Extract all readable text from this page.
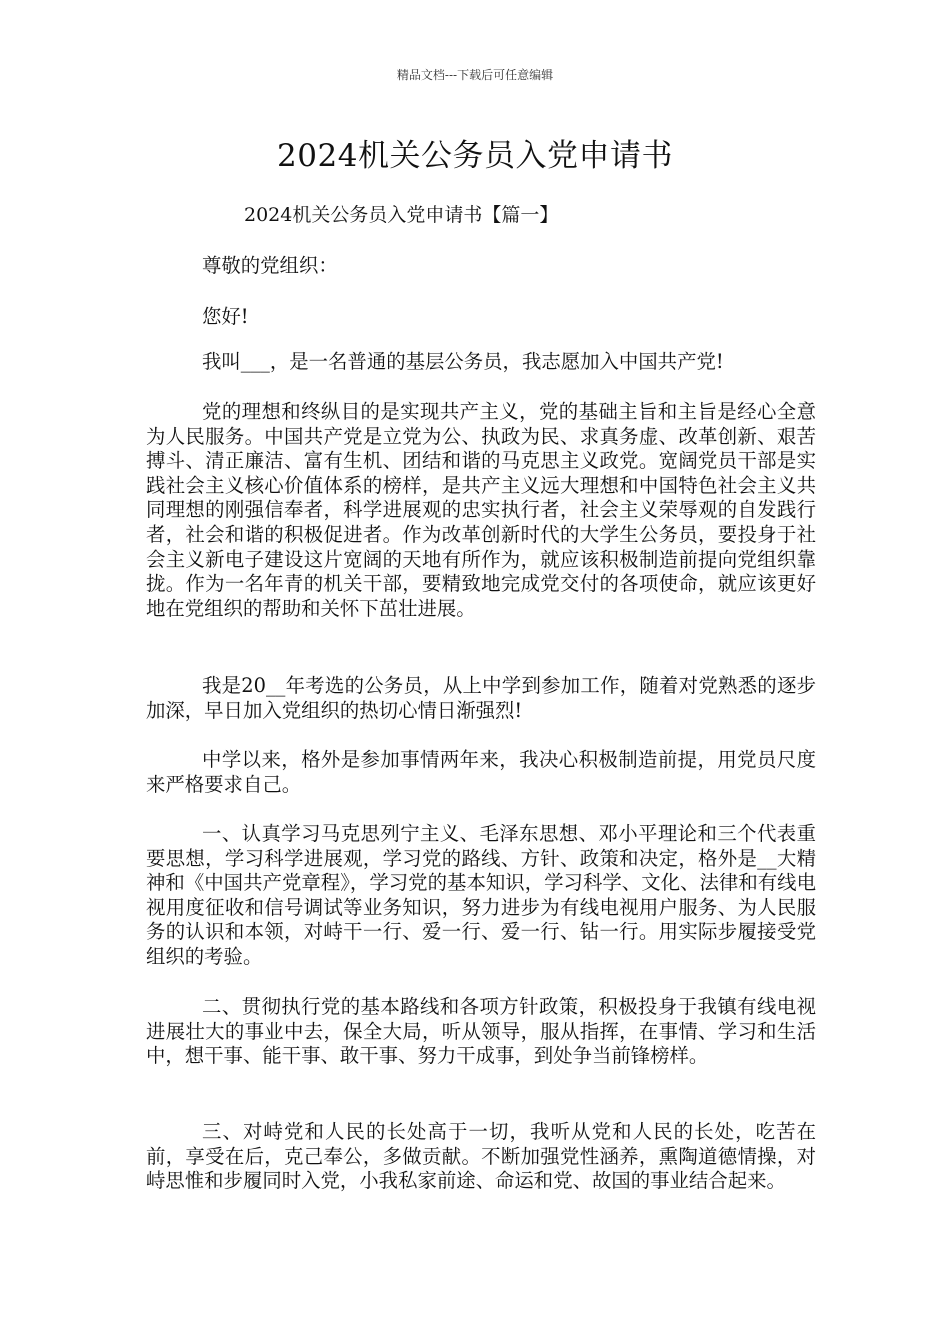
精品文档---下载后可任意编辑
2024机关公务员入党申请书
2024机关公务员入党申请书【篇一】
尊敬的党组织：
您好!

我叫___，是一名普通的基层公务员，我志愿加入中国共产党!

党的理想和终纵目的是实现共产主义，党的基础主旨和主旨是经心全意为人民服务。中国共产党是立党为公、执政为民、求真务虚、改革创新、艰苦搏斗、清正廉洁、富有生机、团结和谐的马克思主义政党。宽阔党员干部是实践社会主义核心价值体系的榜样，是共产主义远大理想和中国特色社会主义共同理想的刚强信奉者，科学进展观的忠实执行者，社会主义荣辱观的自发践行者，社会和谐的积极促进者。作为改革创新时代的大学生公务员，要投身于社会主义新电子建设这片宽阔的天地有所作为，就应该积极制造前提向党组织靠拢。作为一名年青的机关干部，要精致地完成党交付的各项使命，就应该更好地在党组织的帮助和关怀下茁壮进展。

我是20__年考选的公务员，从上中学到参加工作，随着对党熟悉的逐步加深，早日加入党组织的热切心情日渐强烈!

中学以来，格外是参加事情两年来，我决心积极制造前提，用党员尺度来严格要求自己。

一、认真学习马克思列宁主义、毛泽东思想、邓小平理论和三个代表重要思想，学习科学进展观，学习党的路线、方针、政策和决定，格外是__大精神和《中国共产党章程》，学习党的基本知识，学习科学、文化、法律和有线电视用度征收和信号调试等业务知识，努力进步为有线电视用户服务、为人民服务的认识和本领，对峙干一行、爱一行、爱一行、钻一行。用实际步履接受党组织的考验。

二、贯彻执行党的基本路线和各项方针政策，积极投身于我镇有线电视进展壮大的事业中去，保全大局，听从领导，服从指挥，在事情、学习和生活中，想干事、能干事、敢干事、努力干成事，到处争当前锋榜样。

三、对峙党和人民的长处高于一切，我听从党和人民的长处，吃苦在前，享受在后，克己奉公，多做贡献。不断加强党性涵养，熏陶道德情操，对峙思惟和步履同时入党，小我私家前途、命运和党、故国的事业结合起来。
